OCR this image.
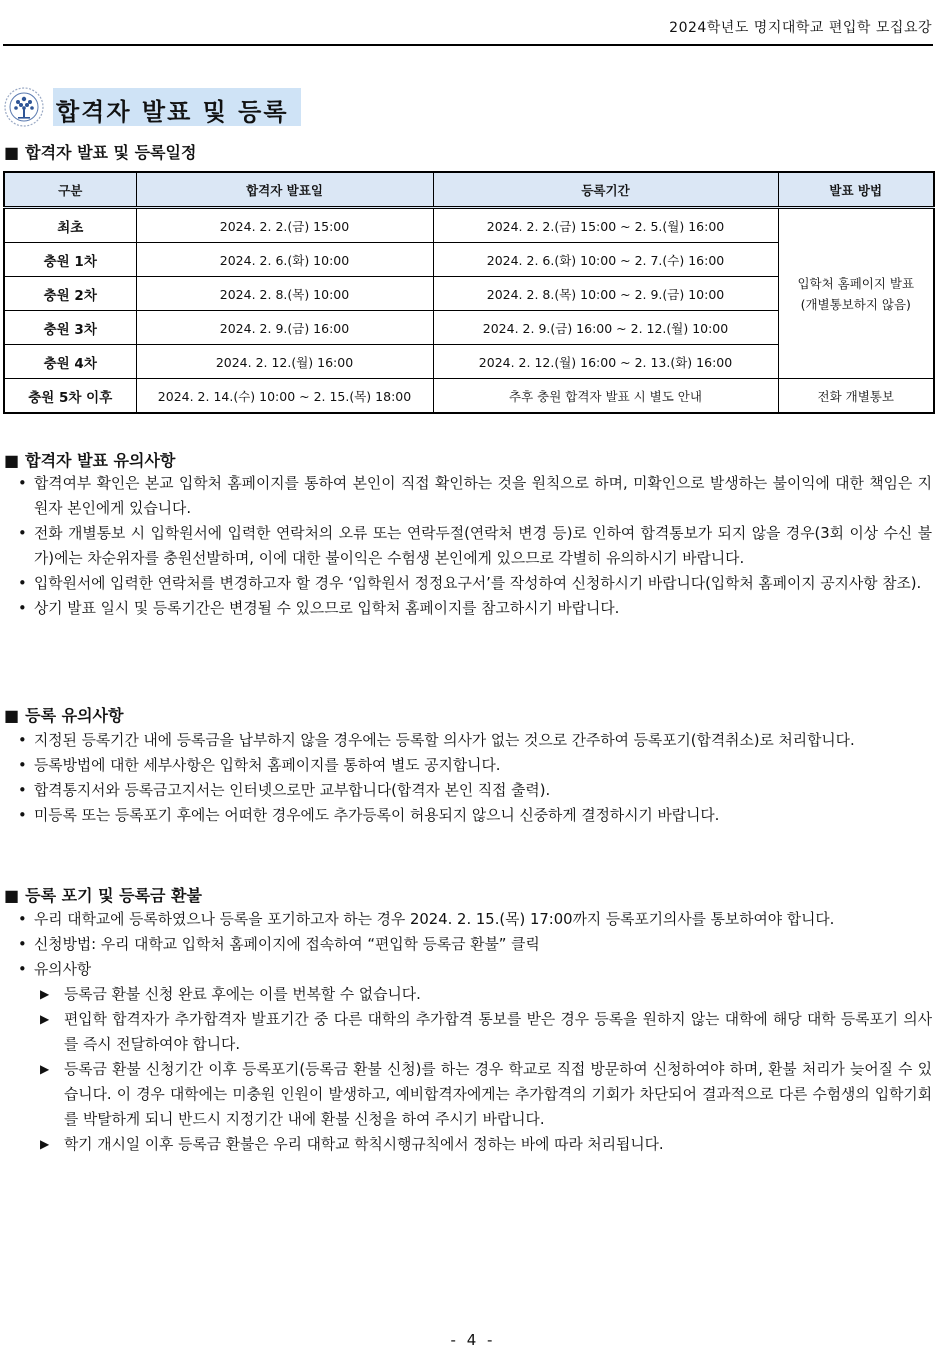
2024학년도 명지대학교 편입학 모집요강
합격자 발표 및 등록
■ 합격자 발표 및 등록일정
구분	합격자 발표일	등록기간	발표 방법
최초	2024. 2. 2.(금) 15:00	2024. 2. 2.(금) 15:00 ~ 2. 5.(월) 16:00	입학처 홈페이지 발표
(개별통보하지 않음)
충원 1차	2024. 2. 6.(화) 10:00	2024. 2. 6.(화) 10:00 ~ 2. 7.(수) 16:00	
충원 2차	2024. 2. 8.(목) 10:00	2024. 2. 8.(목) 10:00 ~ 2. 9.(금) 10:00	
충원 3차	2024. 2. 9.(금) 16:00	2024. 2. 9.(금) 16:00 ~ 2. 12.(월) 10:00	
충원 4차	2024. 2. 12.(월) 16:00	2024. 2. 12.(월) 16:00 ~ 2. 13.(화) 16:00	
충원 5차 이후	2024. 2. 14.(수) 10:00 ~ 2. 15.(목) 18:00	추후 충원 합격자 발표 시 별도 안내	전화 개별통보
■ 합격자 발표 유의사항
• 합격여부 확인은 본교 입학처 홈페이지를 통하여 본인이 직접 확인하는 것을 원칙으로 하며, 미확인으로 발생하는 불이익에 대한 책임은 지원자 본인에게 있습니다.
• 전화 개별통보 시 입학원서에 입력한 연락처의 오류 또는 연락두절(연락처 변경 등)로 인하여 합격통보가 되지 않을 경우(3회 이상 수신 불가)에는 차순위자를 충원선발하며, 이에 대한 불이익은 수험생 본인에게 있으므로 각별히 유의하시기 바랍니다.
• 입학원서에 입력한 연락처를 변경하고자 할 경우 ‘입학원서 정정요구서’를 작성하여 신청하시기 바랍니다(입학처 홈페이지 공지사항 참조).
• 상기 발표 일시 및 등록기간은 변경될 수 있으므로 입학처 홈페이지를 참고하시기 바랍니다.
■ 등록 유의사항
• 지정된 등록기간 내에 등록금을 납부하지 않을 경우에는 등록할 의사가 없는 것으로 간주하여 등록포기(합격취소)로 처리합니다.
• 등록방법에 대한 세부사항은 입학처 홈페이지를 통하여 별도 공지합니다.
• 합격통지서와 등록금고지서는 인터넷으로만 교부합니다(합격자 본인 직접 출력).
• 미등록 또는 등록포기 후에는 어떠한 경우에도 추가등록이 허용되지 않으니 신중하게 결정하시기 바랍니다.
■ 등록 포기 및 등록금 환불
• 우리 대학교에 등록하였으나 등록을 포기하고자 하는 경우 2024. 2. 15.(목) 17:00까지 등록포기의사를 통보하여야 합니다.
• 신청방법: 우리 대학교 입학처 홈페이지에 접속하여 “편입학 등록금 환불” 클릭
• 유의사항
▶ 등록금 환불 신청 완료 후에는 이를 번복할 수 없습니다.
▶ 편입학 합격자가 추가합격자 발표기간 중 다른 대학의 추가합격 통보를 받은 경우 등록을 원하지 않는 대학에 해당 대학 등록포기 의사를 즉시 전달하여야 합니다.
▶ 등록금 환불 신청기간 이후 등록포기(등록금 환불 신청)를 하는 경우 학교로 직접 방문하여 신청하여야 하며, 환불 처리가 늦어질 수 있습니다. 이 경우 대학에는 미충원 인원이 발생하고, 예비합격자에게는 추가합격의 기회가 차단되어 결과적으로 다른 수험생의 입학기회를 박탈하게 되니 반드시 지정기간 내에 환불 신청을 하여 주시기 바랍니다.
▶ 학기 개시일 이후 등록금 환불은 우리 대학교 학칙시행규칙에서 정하는 바에 따라 처리됩니다.
- 4 -
